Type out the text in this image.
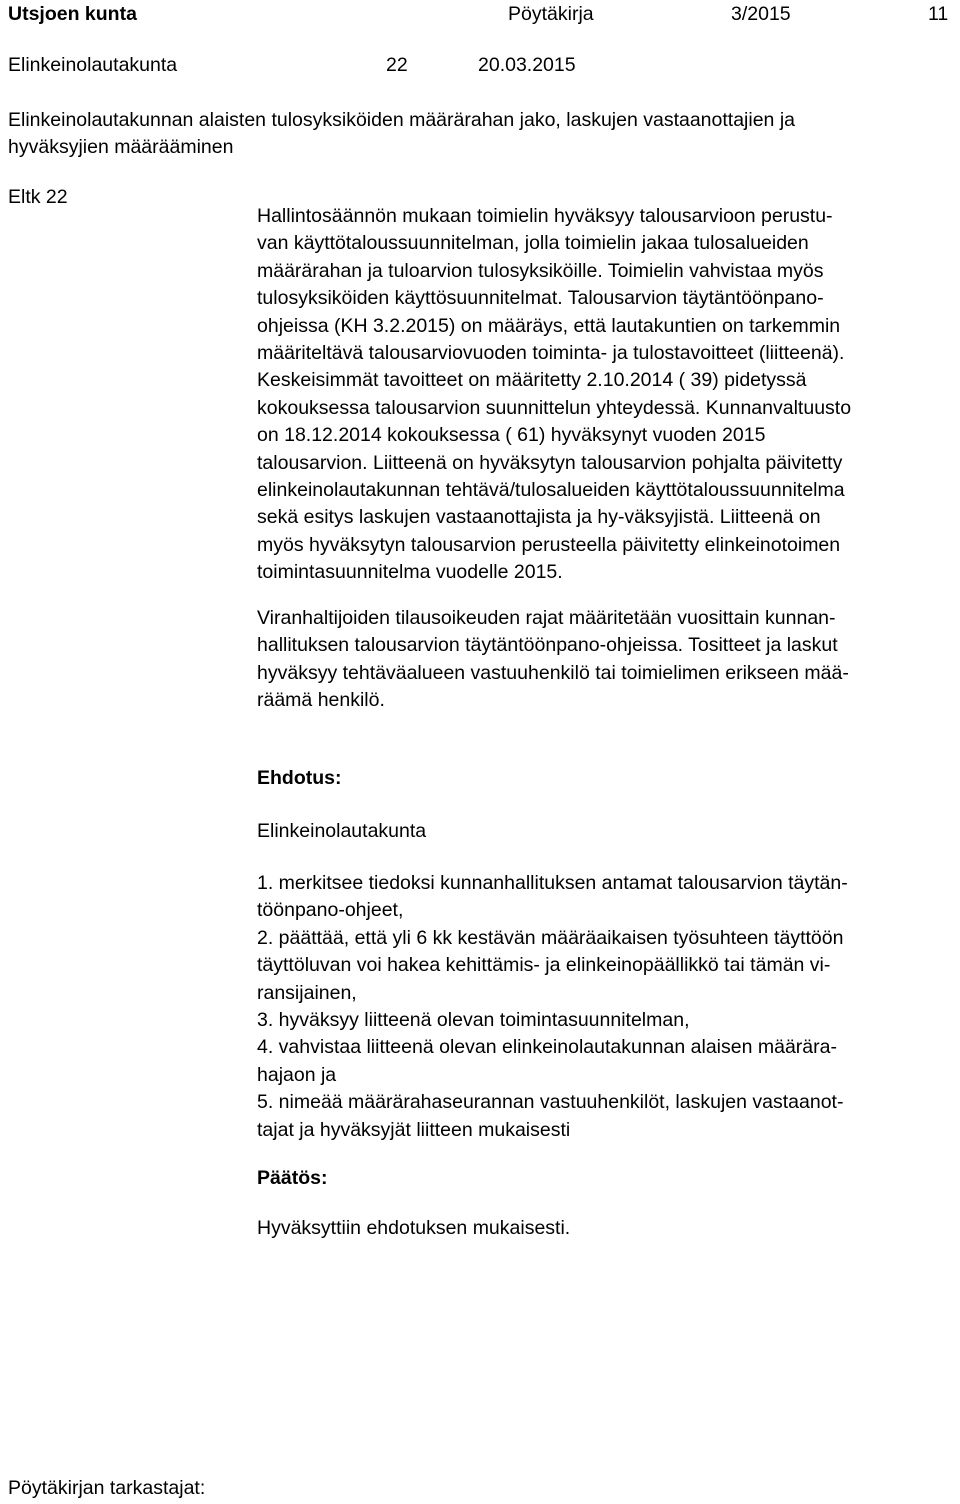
Utsjoen kunta	Pöytäkirja	3/2015	11
Elinkeinolautakunta	22	20.03.2015
Elinkeinolautakunnan alaisten tulosyksiköiden määrärahan jako, laskujen vastaanottajien ja
hyväksyjien määrääminen
Eltk 22
Hallintosäännön mukaan toimielin hyväksyy talousarvioon perustu-
van käyttötaloussuunnitelman, jolla toimielin jakaa tulosalueiden
määrärahan ja tuloarvion tulosyksiköille. Toimielin vahvistaa myös
tulosyksiköiden käyttösuunnitelmat. Talousarvion täytäntöönpano-
ohjeissa (KH 3.2.2015) on määräys, että lautakuntien on tarkemmin
määriteltävä talousarviovuoden toiminta- ja tulostavoitteet (liitteenä).
Keskeisimmät tavoitteet on määritetty 2.10.2014 ( 39) pidetyssä
kokouksessa talousarvion suunnittelun yhteydessä. Kunnanvaltuusto
on 18.12.2014 kokouksessa ( 61) hyväksynyt vuoden 2015
talousarvion. Liitteenä on hyväksytyn talousarvion pohjalta päivitetty
elinkeinolautakunnan tehtävä/tulosalueiden käyttötaloussuunnitelma
sekä esitys laskujen vastaanottajista ja hy-väksyjistä. Liitteenä on
myös hyväksytyn talousarvion perusteella päivitetty elinkeinotoimen
toimintasuunnitelma vuodelle 2015.
Viranhaltijoiden tilausoikeuden rajat määritetään vuosittain kunnan-
hallituksen talousarvion täytäntöönpano-ohjeissa. Tositteet ja laskut
hyväksyy tehtäväalueen vastuuhenkilö tai toimielimen erikseen mää-
räämä henkilö.
Ehdotus:
Elinkeinolautakunta
1. merkitsee tiedoksi kunnanhallituksen antamat talousarvion täytän-
töönpano-ohjeet,
2. päättää, että yli 6 kk kestävän määräaikaisen työsuhteen täyttöön
täyttöluvan voi hakea kehittämis- ja elinkeinopäällikkö tai tämän vi-
ransijainen,
3. hyväksyy liitteenä olevan toimintasuunnitelman,
4. vahvistaa liitteenä olevan elinkeinolautakunnan alaisen määrära-
hajaon ja
5. nimeää määrärahaseurannan vastuuhenkilöt, laskujen vastaanot-
tajat ja hyväksyjät liitteen mukaisesti
Päätös:
Hyväksyttiin ehdotuksen mukaisesti.
Pöytäkirjan tarkastajat:
